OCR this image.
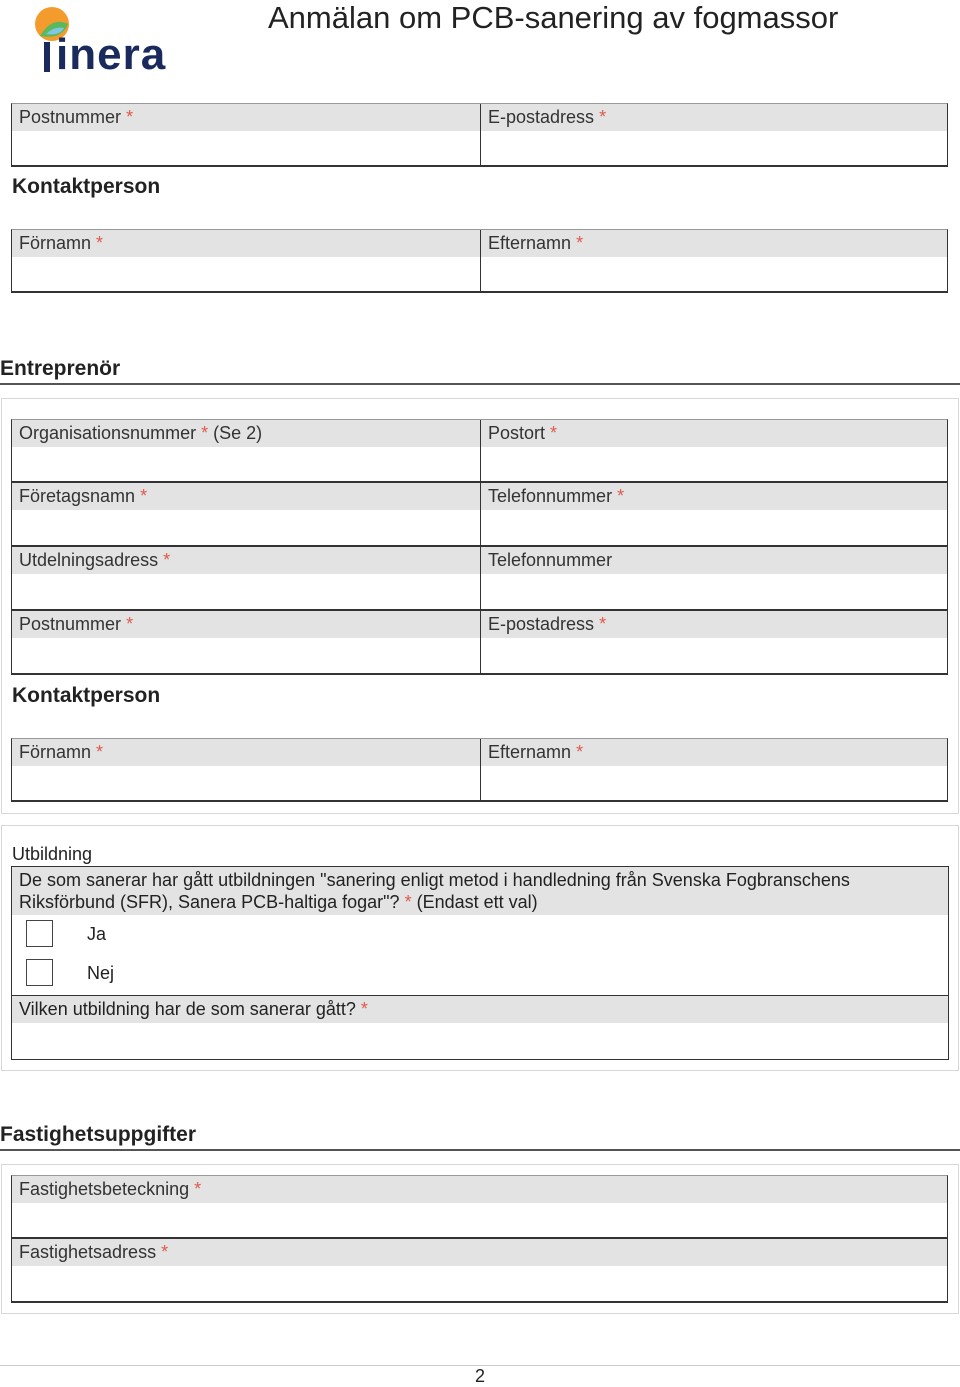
inera
Anmälan om PCB-sanering av fogmassor
Postnummer *	E-postadress *
Kontaktperson
Förnamn *	Efternamn *
Entreprenör
Organisationsnummer * (Se 2)	Postort *
Företagsnamn *	Telefonnummer *
Utdelningsadress *	Telefonnummer
Postnummer *	E-postadress *
Kontaktperson
Förnamn *	Efternamn *
Utbildning
De som sanerar har gått utbildningen "sanering enligt metod i handledning från Svenska Fogbranschens Riksförbund (SFR), Sanera PCB-haltiga fogar"? * (Endast ett val)
Ja
Nej
Vilken utbildning har de som sanerar gått? *
Fastighetsuppgifter
Fastighetsbeteckning *
Fastighetsadress *
2
